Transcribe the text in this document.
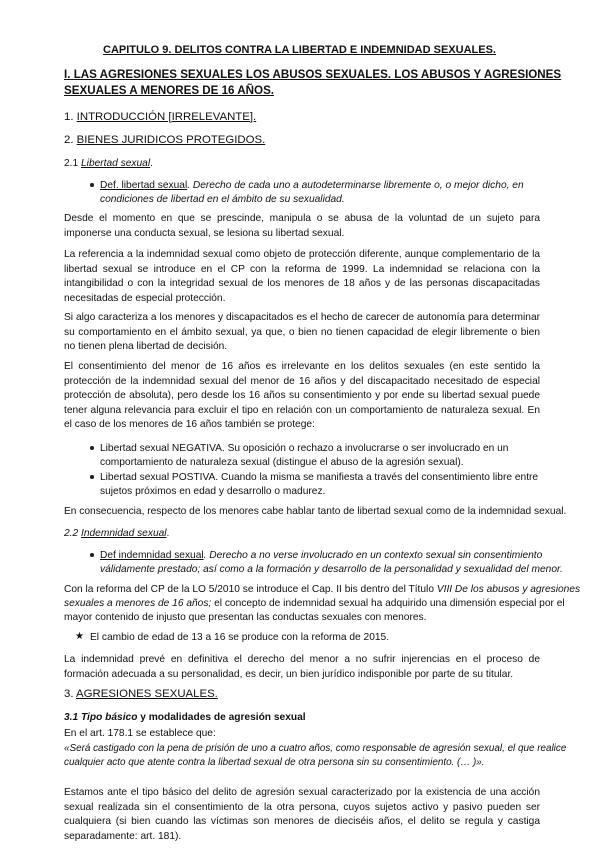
CAPITULO 9. DELITOS CONTRA LA LIBERTAD E INDEMNIDAD SEXUALES.
I. LAS AGRESIONES SEXUALES LOS ABUSOS SEXUALES. LOS ABUSOS Y AGRESIONES
SEXUALES A MENORES DE 16 AÑOS.
1. INTRODUCCIÓN [IRRELEVANTE].
2. BIENES JURIDICOS PROTEGIDOS.
2.1 Libertad sexual.
Def. libertad sexual. Derecho de cada uno a autodeterminarse libremente o, o mejor dicho, en
condiciones de libertad en el ámbito de su sexualidad.
Desde el momento en que se prescinde, manipula o se abusa de la voluntad de un sujeto para imponerse una conducta sexual, se lesiona su libertad sexual.
La referencia a la indemnidad sexual como objeto de protección diferente, aunque complementario de la libertad sexual se introduce en el CP con la reforma de 1999. La indemnidad se relaciona con la intangibilidad o con la integridad sexual de los menores de 18 años y de las personas discapacitadas necesitadas de especial protección.
Si algo caracteriza a los menores y discapacitados es el hecho de carecer de autonomía para determinar su comportamiento en el ámbito sexual, ya que, o bien no tienen capacidad de elegir libremente o bien no tienen plena libertad de decisión.
El consentimiento del menor de 16 años es irrelevante en los delitos sexuales (en este sentido la protección de la indemnidad sexual del menor de 16 años y del discapacitado necesitado de especial protección de absoluta), pero desde los 16 años su consentimiento y por ende su libertad sexual puede tener alguna relevancia para excluir el tipo en relación con un comportamiento de naturaleza sexual. En el caso de los menores de 16 años también se protege:
Libertad sexual NEGATIVA. Su oposición o rechazo a involucrarse o ser involucrado en un
comportamiento de naturaleza sexual (distingue el abuso de la agresión sexual).
Libertad sexual POSTIVA. Cuando la misma se manifiesta a través del consentimiento libre entre
sujetos próximos en edad y desarrollo o madurez.
En consecuencia, respecto de los menores cabe hablar tanto de libertad sexual como de la indemnidad sexual.
2.2 Indemnidad sexual.
Def indemnidad sexual. Derecho a no verse involucrado en un contexto sexual sin consentimiento
válidamente prestado; así como a la formación y desarrollo de la personalidad y sexualidad del menor.
Con la reforma del CP de la LO 5/2010 se introduce el Cap. II bis dentro del Título VIII De los abusos y agresiones
sexuales a menores de 16 años; el concepto de indemnidad sexual ha adquirido una dimensión especial por el
mayor contenido de injusto que presentan las conductas sexuales con menores.
★ El cambio de edad de 13 a 16 se produce con la reforma de 2015.
La indemnidad prevé en definitiva el derecho del menor a no sufrir injerencias en el proceso de formación adecuada a su personalidad, es decir, un bien jurídico indisponible por parte de su titular.
3. AGRESIONES SEXUALES.
3.1 Tipo básico y modalidades de agresión sexual
En el art. 178.1 se establece que:
«Será castigado con la pena de prisión de uno a cuatro años, como responsable de agresión sexual, el que realice
cualquier acto que atente contra la libertad sexual de otra persona sin su consentimiento. (… )».
Estamos ante el tipo básico del delito de agresión sexual caracterizado por la existencia de una acción sexual realizada sin el consentimiento de la otra persona, cuyos sujetos activo y pasivo pueden ser cualquiera (si bien cuando las víctimas son menores de dieciséis años, el delito se regula y castiga separadamente: art. 181).
